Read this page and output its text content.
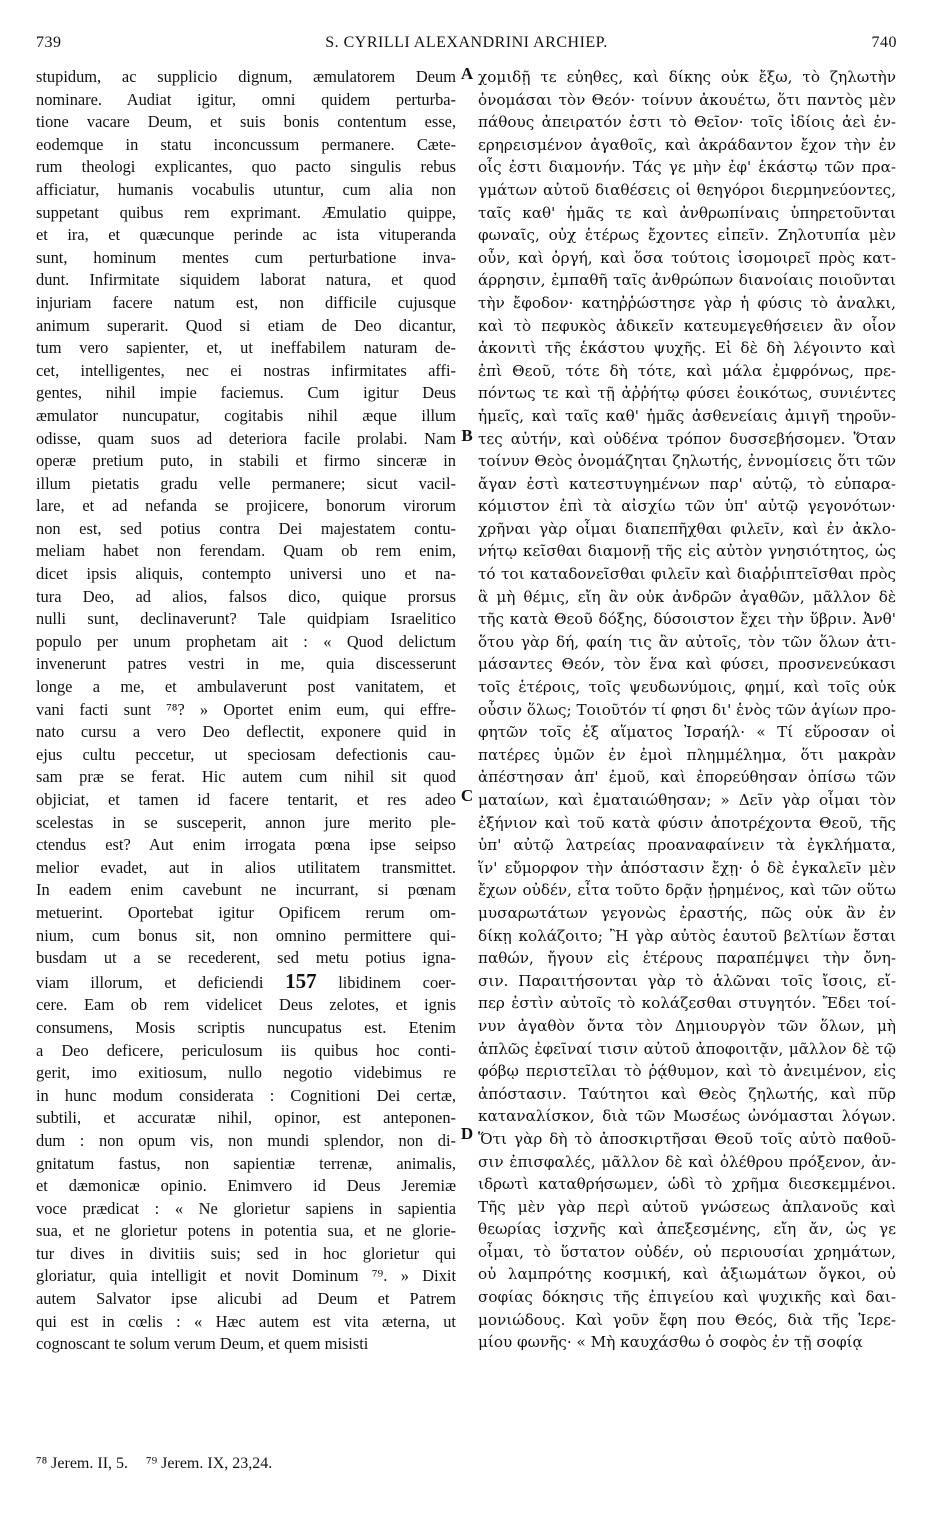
739	S. CYRILLI ALEXANDRINI ARCHIEP.	740
stupidum, ac supplicio dignum, æmulatorem Deum
nominare. Audiat igitur, omni quidem perturba-
tione vacare Deum, et suis bonis contentum esse,
eodemque in statu inconcussum permanere. Cæte-
rum theologi explicantes, quo pacto singulis rebus
afficiatur, humanis vocabulis utuntur, cum alia non
suppetant quibus rem exprimant. Æmulatio quippe,
et ira, et quæcunque perinde ac ista vituperanda
sunt, hominum mentes cum perturbatione inva-
dunt. Infirmitate siquidem laborat natura, et quod
injuriam facere natum est, non difficile cujusque
animum superarit. Quod si etiam de Deo dicantur,
tum vero sapienter, et, ut ineffabilem naturam de-
cet, intelligentes, nec ei nostras infirmitates affi-
gentes, nihil impie faciemus. Cum igitur Deus
æmulator nuncupatur, cogitabis nihil æque illum
odisse, quam suos ad deteriora facile prolabi. Nam
operæ pretium puto, in stabili et firmo sinceræ in
illum pietatis gradu velle permanere; sicut vacil-
lare, et ad nefanda se projicere, bonorum virorum
non est, sed potius contra Dei majestatem contu-
meliam habet non ferendam. Quam ob rem enim,
dicet ipsis aliquis, contempto universi uno et na-
tura Deo, ad alios, falsos dico, quique prorsus
nulli sunt, declinaverunt? Tale quidpiam Israelitico
populo per unum prophetam ait : « Quod delictum
invenerunt patres vestri in me, quia discesserunt
longe a me, et ambulaverunt post vanitatem, et
vani facti sunt ⁷⁸? » Oportet enim eum, qui effre-
nato cursu a vero Deo deflectit, exponere quid in
ejus cultu peccetur, ut speciosam defectionis cau-
sam præ se ferat. Hic autem cum nihil sit quod
objiciat, et tamen id facere tentarit, et res adeo
scelestas in se susceperit, annon jure merito ple-
ctendus est? Aut enim irrogata pœna ipse seipso
melior evadet, aut in alios utilitatem transmittet.
In eadem enim cavebunt ne incurrant, si pœnam
metuerint. Oportebat igitur Opificem rerum om-
nium, cum bonus sit, non omnino permittere qui-
busdam ut a se recederent, sed metu potius igna-
viam illorum, et deficiendi 157 libidinem coer-
cere. Eam ob rem videlicet Deus zelotes, et ignis
consumens, Mosis scriptis nuncupatus est. Etenim
a Deo deficere, periculosum iis quibus hoc conti-
gerit, imo exitiosum, nullo negotio videbimus re
in hunc modum considerata : Cognitioni Dei certæ,
subtili, et accuratæ nihil, opinor, est anteponen-
dum : non opum vis, non mundi splendor, non di-
gnitatum fastus, non sapientiæ terrenæ, animalis,
et dæmonicæ opinio. Enimvero id Deus Jeremiæ
voce prædicat : « Ne glorietur sapiens in sapientia
sua, et ne glorietur potens in potentia sua, et ne glorie-
tur dives in divitiis suis; sed in hoc glorietur qui
gloriatur, quia intelligit et novit Dominum ⁷⁹. » Dixit
autem Salvator ipse alicubi ad Deum et Patrem
qui est in cœlis : « Hæc autem est vita æterna, ut
cognoscant te solum verum Deum, et quem misisti
χομιδῇ τε εὐηθες, καὶ δίκης οὐκ ἔξω, τὸ ζηλωτὴν
ὀνομάσαι τὸν Θεόν· τοίνυν ἀκουέτω, ὅτι παντὸς μὲν
πάθους ἀπειρατόν ἐστι τὸ Θεῖον· τοῖς ἰδίοις ἀεὶ ἐν-
ερηρεισμένον ἀγαθοῖς, καὶ ἀκράδαντον ἔχον τὴν ἐν
οἷς ἐστι διαμονήν. Τάς γε μὴν ἐφ' ἑκάστῳ τῶν πρα-
γμάτων αὐτοῦ διαθέσεις οἱ θεηγόροι διερμηνεύοντες,
ταῖς καθ' ἡμᾶς τε καὶ ἀνθρωπίναις ὑπηρετοῦνται
φωναῖς, οὐχ ἑτέρως ἔχοντες εἰπεῖν. Ζηλοτυπία μὲν
οὖν, καὶ ὀργή, καὶ ὅσα τούτοις ἰσομοιρεῖ πρὸς κατ-
άρρησιν, ἐμπαθῆ ταῖς ἀνθρώπων διανοίαις ποιοῦνται
τὴν ἔφοδον· κατηῤῥώστησε γὰρ ἡ φύσις τὸ ἀναλκι,
καὶ τὸ πεφυκὸς ἀδικεῖν κατευμεγεθήσειεν ἂν οἷον
ἀκονιτὶ τῆς ἑκάστου ψυχῆς. Εἰ δὲ δὴ λέγοιντο καὶ
ἐπὶ Θεοῦ, τότε δὴ τότε, καὶ μάλα ἐμφρόνως, πρε-
πόντως τε καὶ τῇ ἀῤῥήτῳ φύσει ἐοικότως, συνιέντες
ἡμεῖς, καὶ ταῖς καθ' ἡμᾶς ἀσθενείαις ἀμιγῆ τηροῦν-
τες αὐτήν, καὶ οὐδένα τρόπον δυσσεβήσομεν. Ὅταν
τοίνυν Θεὸς ὀνομάζηται ζηλωτής, ἐννομίσεις ὅτι τῶν
ἄγαν ἐστὶ κατεστυγημένων παρ' αὐτῷ, τὸ εὐπαρα-
κόμιστον ἐπὶ τὰ αἰσχίω τῶν ὑπ' αὐτῷ γεγονότων·
χρῆναι γὰρ οἶμαι διαπεπῆχθαι φιλεῖν, καὶ ἐν ἀκλο-
νήτῳ κεῖσθαι διαμονῇ τῆς εἰς αὐτὸν γνησιότητος, ὡς
τό τοι καταδονεῖσθαι φιλεῖν καὶ διαῤῥιπτεῖσθαι πρὸς
ἃ μὴ θέμις, εἴη ἂν οὐκ ἀνδρῶν ἀγαθῶν, μᾶλλον δὲ
τῆς κατὰ Θεοῦ δόξης, δύσοιστον ἔχει τὴν ὕβριν. Ἀνθ'
ὅτου γὰρ δή, φαίη τις ἂν αὐτοῖς, τὸν τῶν ὅλων ἀτι-
μάσαντες Θεόν, τὸν ἕνα καὶ φύσει, προσνενεύκασι
τοῖς ἑτέροις, τοῖς ψευδωνύμοις, φημί, καὶ τοῖς οὐκ
οὖσιν ὅλως; Τοιοῦτόν τί φησι δι' ἑνὸς τῶν ἁγίων προ-
φητῶν τοῖς ἐξ αἵματος Ἰσραήλ· « Τί εὕροσαν οἱ
πατέρες ὑμῶν ἐν ἐμοὶ πλημμέλημα, ὅτι μακρὰν
ἀπέστησαν ἀπ' ἐμοῦ, καὶ ἐπορεύθησαν ὀπίσω τῶν
ματαίων, καὶ ἐματαιώθησαν; » Δεῖν γὰρ οἶμαι τὸν
ἐξήνιον καὶ τοῦ κατὰ φύσιν ἀποτρέχοντα Θεοῦ, τῆς
ὑπ' αὐτῷ λατρείας προαναφαίνειν τὰ ἐγκλήματα,
ἵν' εὔμορφον τὴν ἀπόστασιν ἔχῃ· ὁ δὲ ἐγκαλεῖν μὲν
ἔχων οὐδέν, εἶτα τοῦτο δρᾷν ᾑρημένος, καὶ τῶν οὕτω
μυσαρωτάτων γεγονὼς ἐραστής, πῶς οὐκ ἂν ἐν
δίκῃ κολάζοιτο; Ἢ γὰρ αὐτὸς ἑαυτοῦ βελτίων ἔσται
παθών, ἤγουν εἰς ἑτέρους παραπέμψει τὴν ὄνη-
σιν. Παραιτήσονται γὰρ τὸ ἁλῶναι τοῖς ἴσοις, εἴ-
περ ἐστὶν αὐτοῖς τὸ κολάζεσθαι στυγητόν. Ἔδει τοί-
νυν ἀγαθὸν ὄντα τὸν Δημιουργὸν τῶν ὅλων, μὴ
ἁπλῶς ἐφεῖναί τισιν αὐτοῦ ἀποφοιτᾷν, μᾶλλον δὲ τῷ
φόβῳ περιστεῖλαι τὸ ῥᾴθυμον, καὶ τὸ ἀνειμένον, εἰς
ἀπόστασιν. Ταύτητοι καὶ Θεὸς ζηλωτής, καὶ πῦρ
καταναλίσκον, διὰ τῶν Μωσέως ὠνόμασται λόγων.
Ὅτι γὰρ δὴ τὸ ἀποσκιρτῆσαι Θεοῦ τοῖς αὐτὸ παθοῦ-
σιν ἐπισφαλές, μᾶλλον δὲ καὶ ὀλέθρου πρόξενον, ἀν-
ιδρωτὶ καταθρήσωμεν, ὡδὶ τὸ χρῆμα διεσκεμμένοι.
Τῆς μὲν γὰρ περὶ αὐτοῦ γνώσεως ἀπλανοῦς καὶ
θεωρίας ἰσχνῆς καὶ ἀπεξεσμένης, εἴη ἄν, ὡς γε
οἶμαι, τὸ ὕστατον οὐδέν, οὐ περιουσίαι χρημάτων,
οὐ λαμπρότης κοσμική, καὶ ἀξιωμάτων ὄγκοι, οὐ
σοφίας δόκησις τῆς ἐπιγείου καὶ ψυχικῆς καὶ δαι-
μονιώδους. Καὶ γοῦν ἔφη που Θεός, διὰ τῆς Ἱερε-
μίου φωνῆς· « Μὴ καυχάσθω ὁ σοφὸς ἐν τῇ σοφίᾳ
A
B
C
D
⁷⁸ Jerem. II, 5. ⁷⁹ Jerem. IX, 23,24.
